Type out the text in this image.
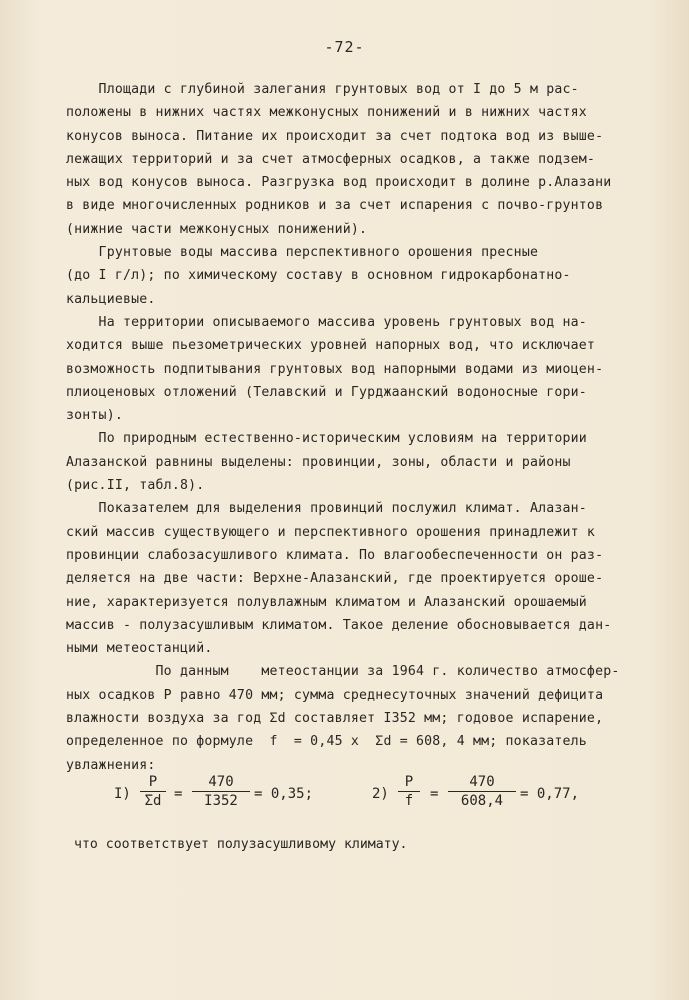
-72-
Площади с глубиной залегания грунтовых вод от I до 5 м рас-
положены в нижних частях межконусных понижений и в нижних частях
конусов выноса. Питание их происходит за счет подтока вод из выше-
лежащих территорий и за счет атмосферных осадков, а также подзем-
ных вод конусов выноса. Разгрузка вод происходит в долине р.Алазани
в виде многочисленных родников и за счет испарения с почво-грунтов
(нижние части межконусных понижений).
Грунтовые воды массива перспективного орошения пресные
(до I г/л); по химическому составу в основном гидрокарбонатно-
кальциевые.
На территории описываемого массива уровень грунтовых вод на-
ходится выше пьезометрических уровней напорных вод, что исключает
возможность подпитывания грунтовых вод напорными водами из миоцен-
плиоценовых отложений (Телавский и Гурджаанский водоносные гори-
зонты).
По природным естественно-историческим условиям на территории
Алазанской равнины выделены: провинции, зоны, области и районы
(рис.II, табл.8).
Показателем для выделения провинций послужил климат. Алазан-
ский массив существующего и перспективного орошения принадлежит к
провинции слабозасушливого климата. По влагообеспеченности он раз-
деляется на две части: Верхне-Алазанский, где проектируется ороше-
ние, характеризуется полувлажным климатом и Алазанский орошаемый
массив - полузасушливым климатом. Такое деление обосновывается дан-
ными метеостанций.
По данным    метеостанции за 1964 г. количество атмосфер-
ных осадков P равно 470 мм; сумма среднесуточных значений дефицита
влажности воздуха за год Σd составляет I352 мм; годовое испарение,
определенное по формуле  f  = 0,45 x  Σd = 608, 4 мм; показатель
увлажнения:
I)
P
Σd =
470
I352	= 0,35;	2)
P
f	=
470
608,4	= 0,77,
что соответствует полузасушливому климату.
